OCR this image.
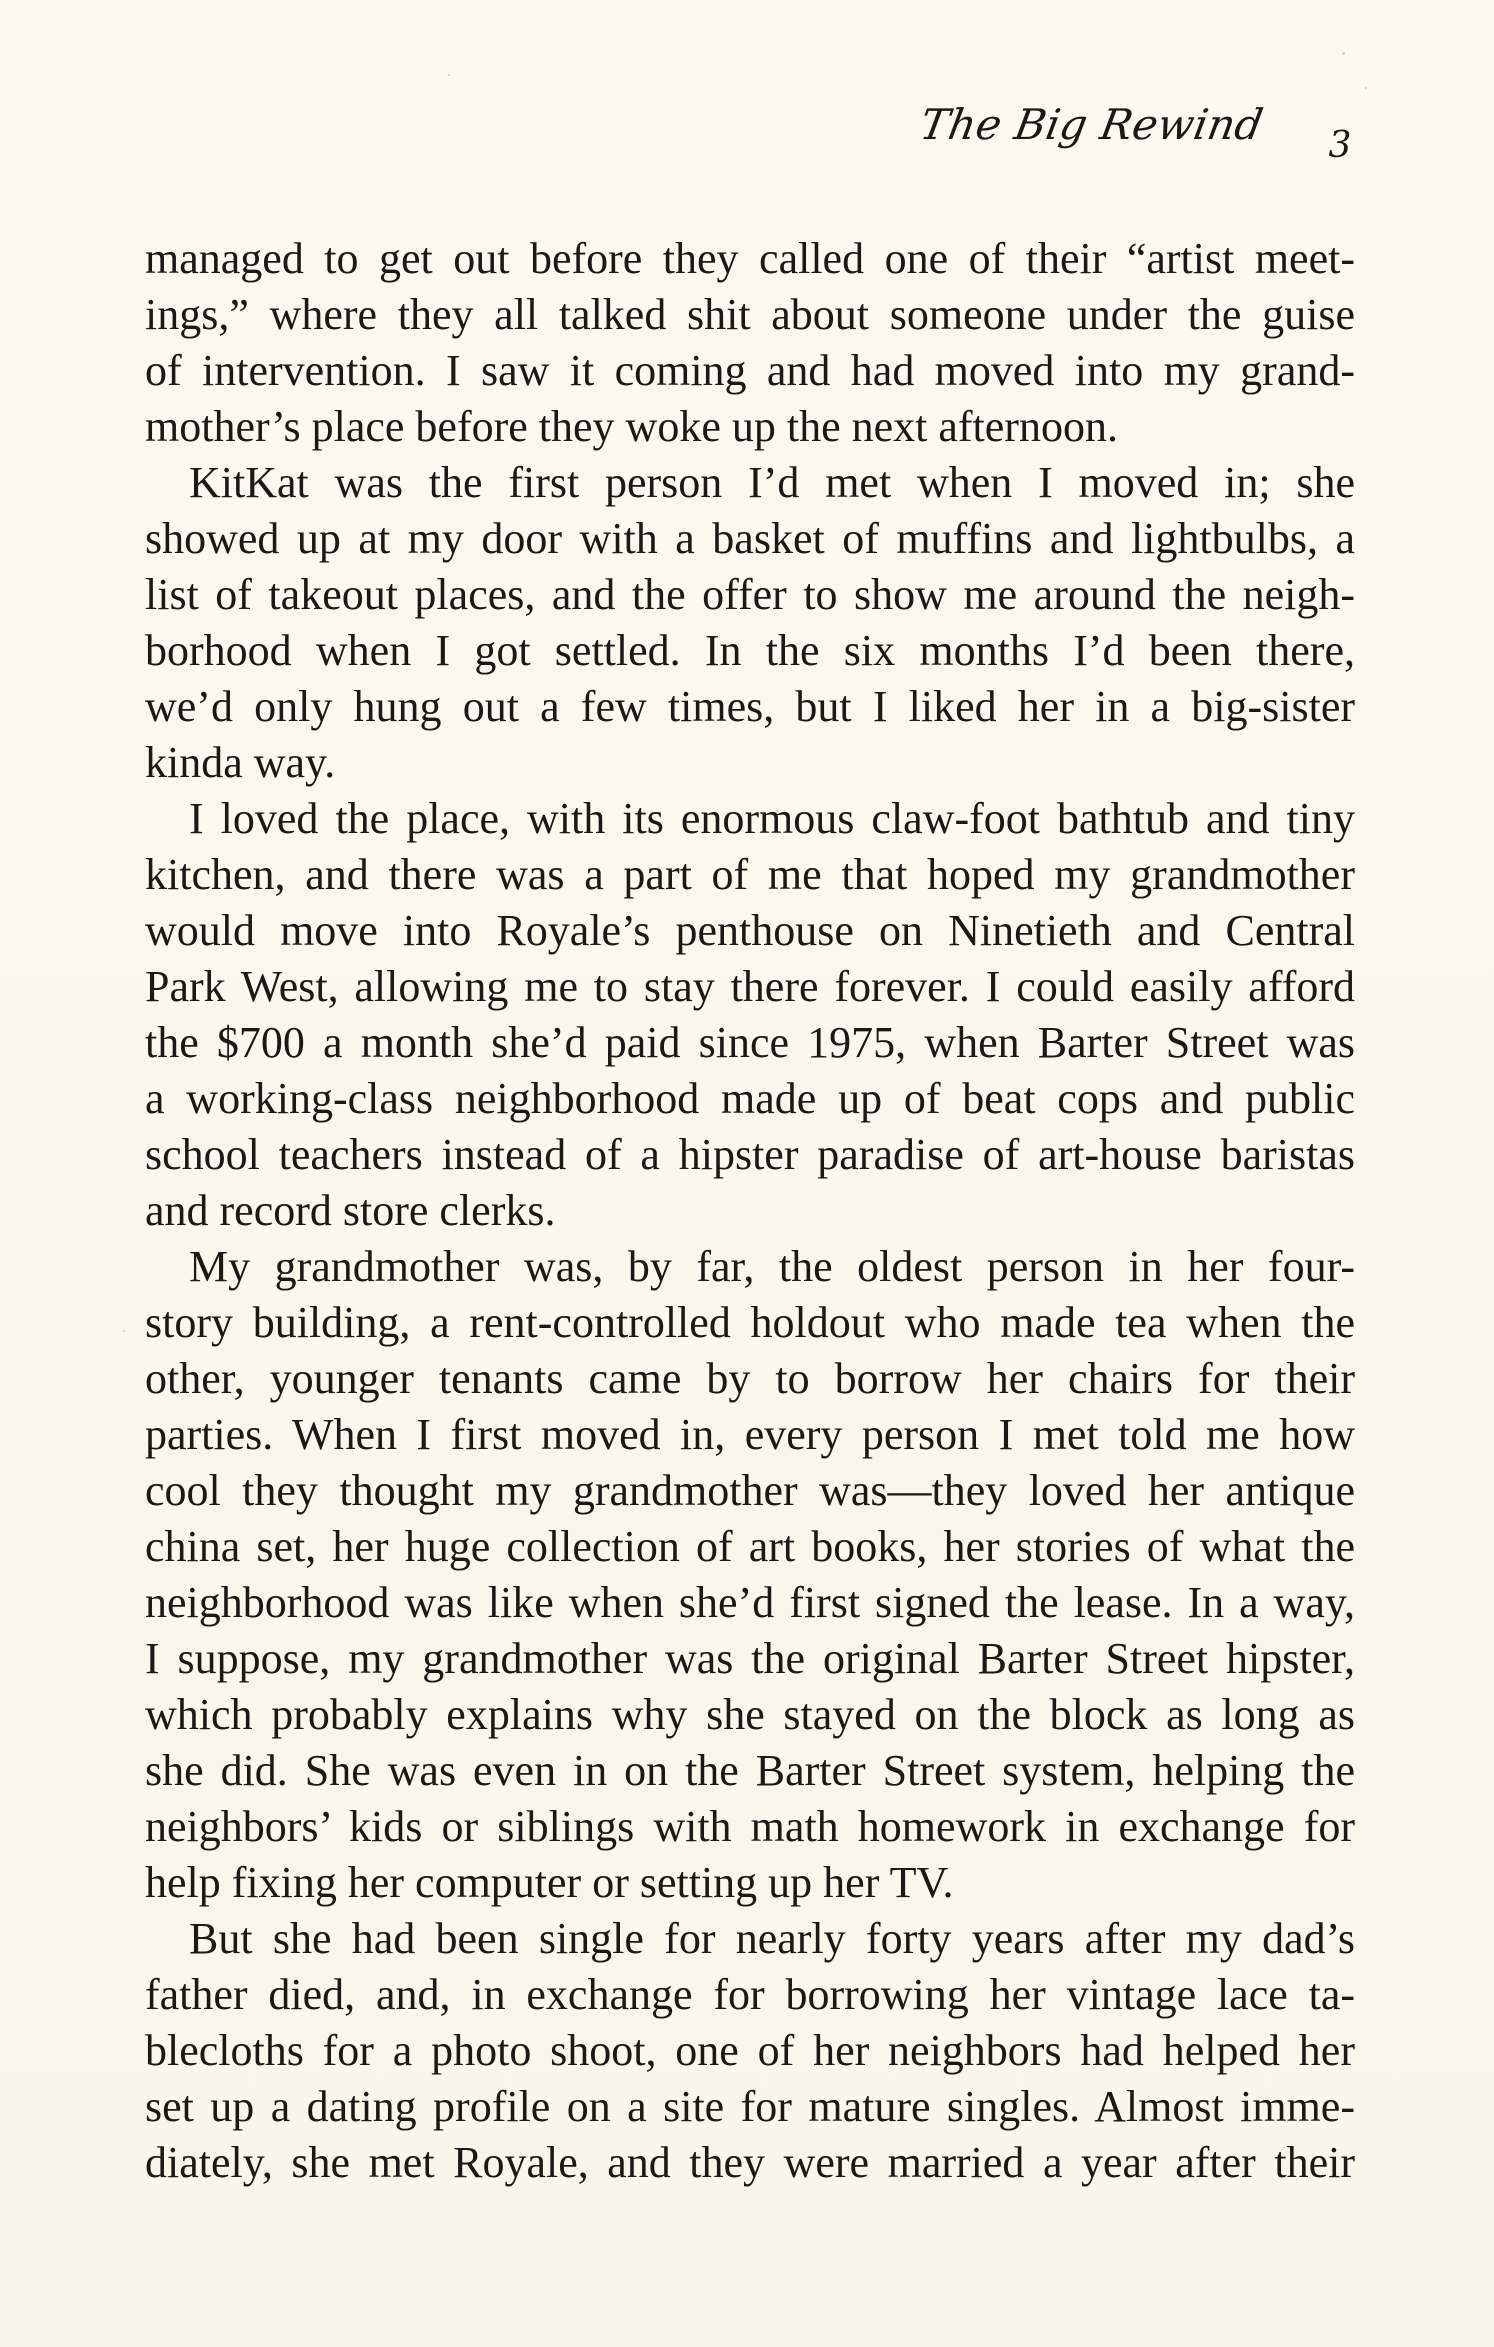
The Big Rewind 3

managed to get out before they called one of their “artist meet-
ings,” where they all talked shit about someone under the guise
of intervention. I saw it coming and had moved into my grand-
mother’s place before they woke up the next afternoon.

KitKat was the first person I’d met when I moved in; she
showed up at my door with a basket of muffins and lightbulbs, a
list of takeout places, and the offer to show me around the neigh-
borhood when I got settled. In the six months I’d been there,
we’d only hung out a few times, but I liked her in a big-sister
kinda way.

I loved the place, with its enormous claw-foot bathtub and tiny
kitchen, and there was a part of me that hoped my grandmother
would move into Royale’s penthouse on Ninetieth and Central
Park West, allowing me to stay there forever. I could easily afford
the $700 a month she’d paid since 1975, when Barter Street was
a working-class neighborhood made up of beat cops and public
school teachers instead of a hipster paradise of art-house baristas
and record store clerks.

My grandmother was, by far, the oldest person in her four-
story building, a rent-controlled holdout who made tea when the
other, younger tenants came by to borrow her chairs for their
parties. When I first moved in, every person I met told me how
cool they thought my grandmother was—they loved her antique
china set, her huge collection of art books, her stories of what the
neighborhood was like when she’d first signed the lease. In a way,
I suppose, my grandmother was the original Barter Street hipster,
which probably explains why she stayed on the block as long as
she did. She was even in on the Barter Street system, helping the
neighbors’ kids or siblings with math homework in exchange for
help fixing her computer or setting up her TV.

But she had been single for nearly forty years after my dad’s
father died, and, in exchange for borrowing her vintage lace ta-
blecloths for a photo shoot, one of her neighbors had helped her
set up a dating profile on a site for mature singles. Almost imme-
diately, she met Royale, and they were married a year after their
